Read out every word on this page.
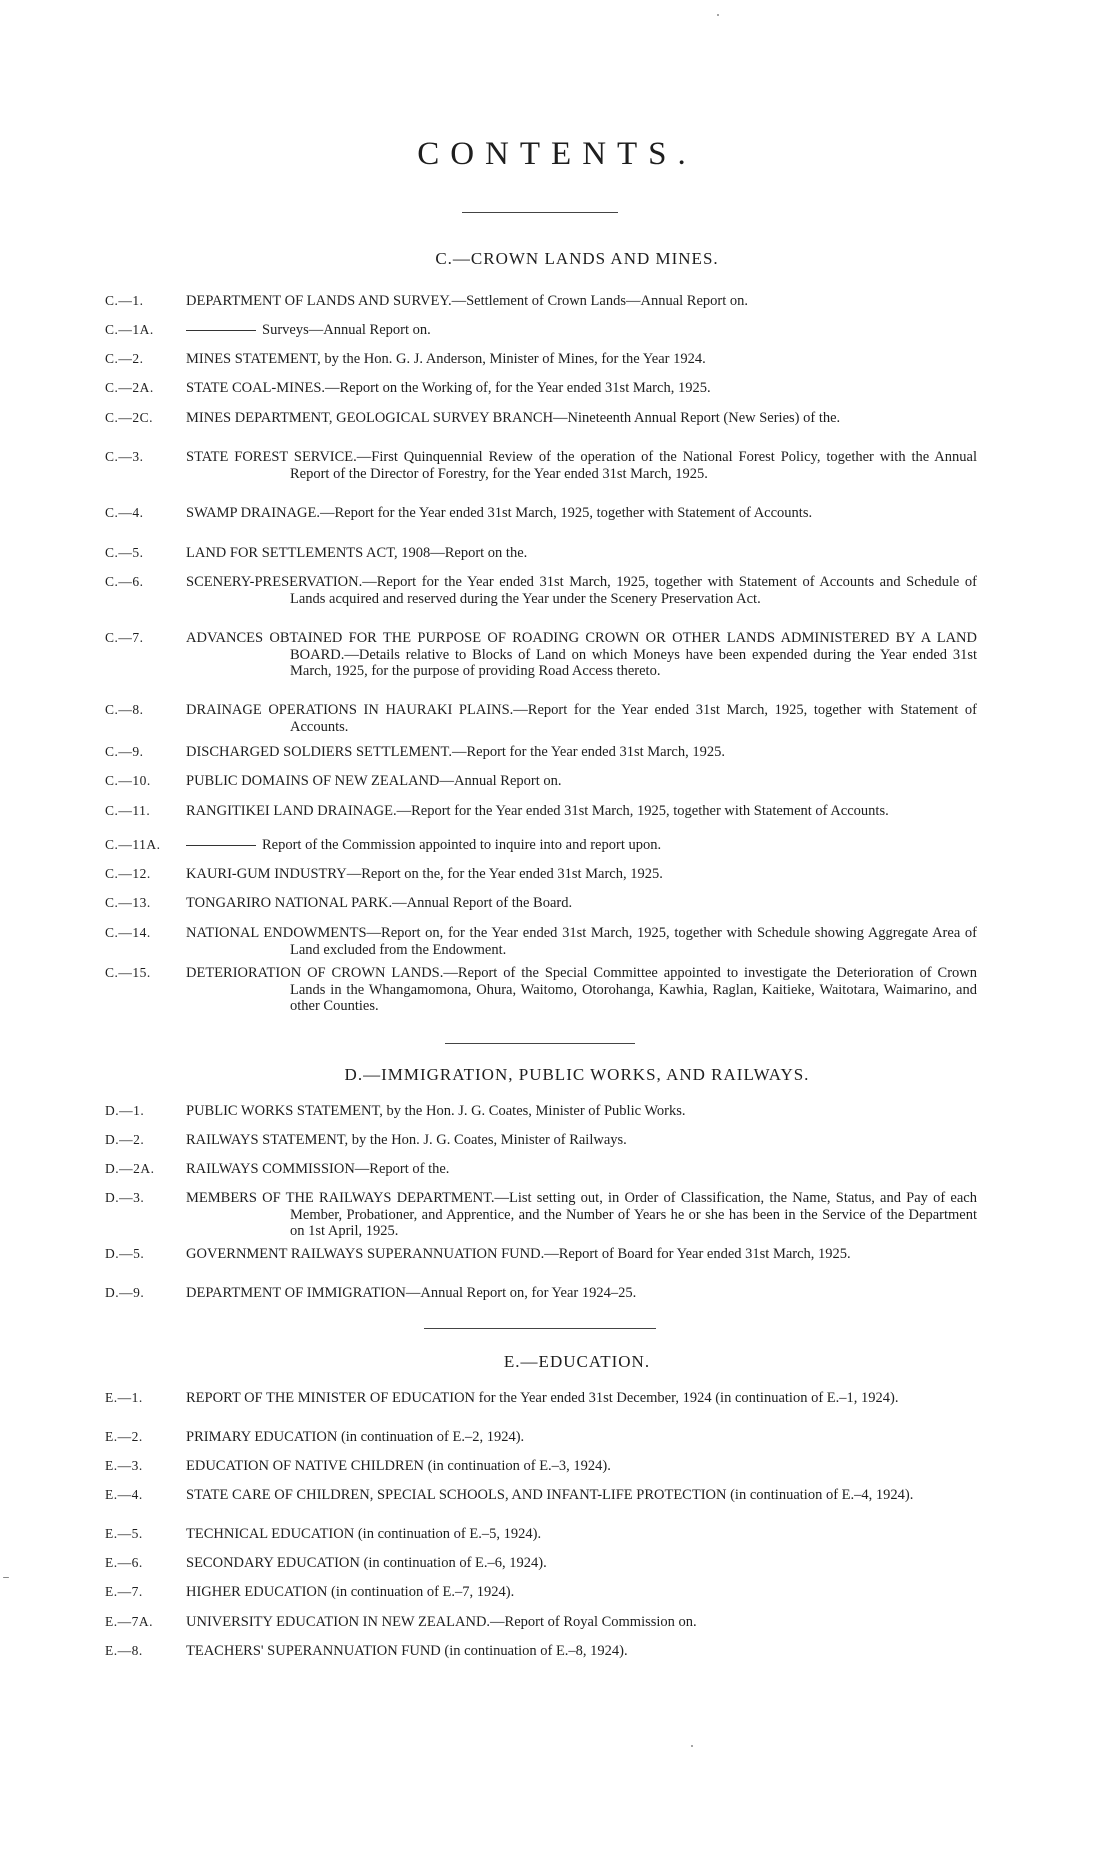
CONTENTS.
C.—CROWN LANDS AND MINES.
C.—1.	DEPARTMENT OF LANDS AND SURVEY.—Settlement of Crown Lands—Annual Report on.
C.—1A.	Surveys—Annual Report on.
C.—2.	MINES STATEMENT, by the Hon. G. J. Anderson, Minister of Mines, for the Year 1924.
C.—2A.	STATE COAL-MINES.—Report on the Working of, for the Year ended 31st March, 1925.
C.—2C.	MINES DEPARTMENT, GEOLOGICAL SURVEY BRANCH—Nineteenth Annual Report (New Series) of the.
C.—3.	STATE FOREST SERVICE.—First Quinquennial Review of the operation of the National Forest Policy, together with the Annual Report of the Director of Forestry, for the Year ended 31st March, 1925.
C.—4.	SWAMP DRAINAGE.—Report for the Year ended 31st March, 1925, together with Statement of Accounts.
C.—5.	LAND FOR SETTLEMENTS ACT, 1908—Report on the.
C.—6.	SCENERY-PRESERVATION.—Report for the Year ended 31st March, 1925, together with Statement of Accounts and Schedule of Lands acquired and reserved during the Year under the Scenery Preservation Act.
C.—7.	ADVANCES OBTAINED FOR THE PURPOSE OF ROADING CROWN OR OTHER LANDS ADMINISTERED BY A LAND BOARD.—Details relative to Blocks of Land on which Moneys have been expended during the Year ended 31st March, 1925, for the purpose of providing Road Access thereto.
C.—8.	DRAINAGE OPERATIONS IN HAURAKI PLAINS.—Report for the Year ended 31st March, 1925, together with Statement of Accounts.
C.—9.	DISCHARGED SOLDIERS SETTLEMENT.—Report for the Year ended 31st March, 1925.
C.—10.	PUBLIC DOMAINS OF NEW ZEALAND—Annual Report on.
C.—11.	RANGITIKEI LAND DRAINAGE.—Report for the Year ended 31st March, 1925, together with Statement of Accounts.
C.—11A.	Report of the Commission appointed to inquire into and report upon.
C.—12.	KAURI-GUM INDUSTRY—Report on the, for the Year ended 31st March, 1925.
C.—13.	TONGARIRO NATIONAL PARK.—Annual Report of the Board.
C.—14.	NATIONAL ENDOWMENTS—Report on, for the Year ended 31st March, 1925, together with Schedule showing Aggregate Area of Land excluded from the Endowment.
C.—15.	DETERIORATION OF CROWN LANDS.—Report of the Special Committee appointed to investigate the Deterioration of Crown Lands in the Whangamomona, Ohura, Waitomo, Otorohanga, Kawhia, Raglan, Kaitieke, Waitotara, Waimarino, and other Counties.
D.—IMMIGRATION, PUBLIC WORKS, AND RAILWAYS.
D.—1.	PUBLIC WORKS STATEMENT, by the Hon. J. G. Coates, Minister of Public Works.
D.—2.	RAILWAYS STATEMENT, by the Hon. J. G. Coates, Minister of Railways.
D.—2A.	RAILWAYS COMMISSION—Report of the.
D.—3.	MEMBERS OF THE RAILWAYS DEPARTMENT.—List setting out, in Order of Classification, the Name, Status, and Pay of each Member, Probationer, and Apprentice, and the Number of Years he or she has been in the Service of the Department on 1st April, 1925.
D.—5.	GOVERNMENT RAILWAYS SUPERANNUATION FUND.—Report of Board for Year ended 31st March, 1925.
D.—9.	DEPARTMENT OF IMMIGRATION—Annual Report on, for Year 1924–25.
E.—EDUCATION.
E.—1.	REPORT OF THE MINISTER OF EDUCATION for the Year ended 31st December, 1924 (in continuation of E.–1, 1924).
E.—2.	PRIMARY EDUCATION (in continuation of E.–2, 1924).
E.—3.	EDUCATION OF NATIVE CHILDREN (in continuation of E.–3, 1924).
E.—4.	STATE CARE OF CHILDREN, SPECIAL SCHOOLS, AND INFANT-LIFE PROTECTION (in continuation of E.–4, 1924).
E.—5.	TECHNICAL EDUCATION (in continuation of E.–5, 1924).
E.—6.	SECONDARY EDUCATION (in continuation of E.–6, 1924).
E.—7.	HIGHER EDUCATION (in continuation of E.–7, 1924).
E.—7A.	UNIVERSITY EDUCATION IN NEW ZEALAND.—Report of Royal Commission on.
E.—8.	TEACHERS' SUPERANNUATION FUND (in continuation of E.–8, 1924).
